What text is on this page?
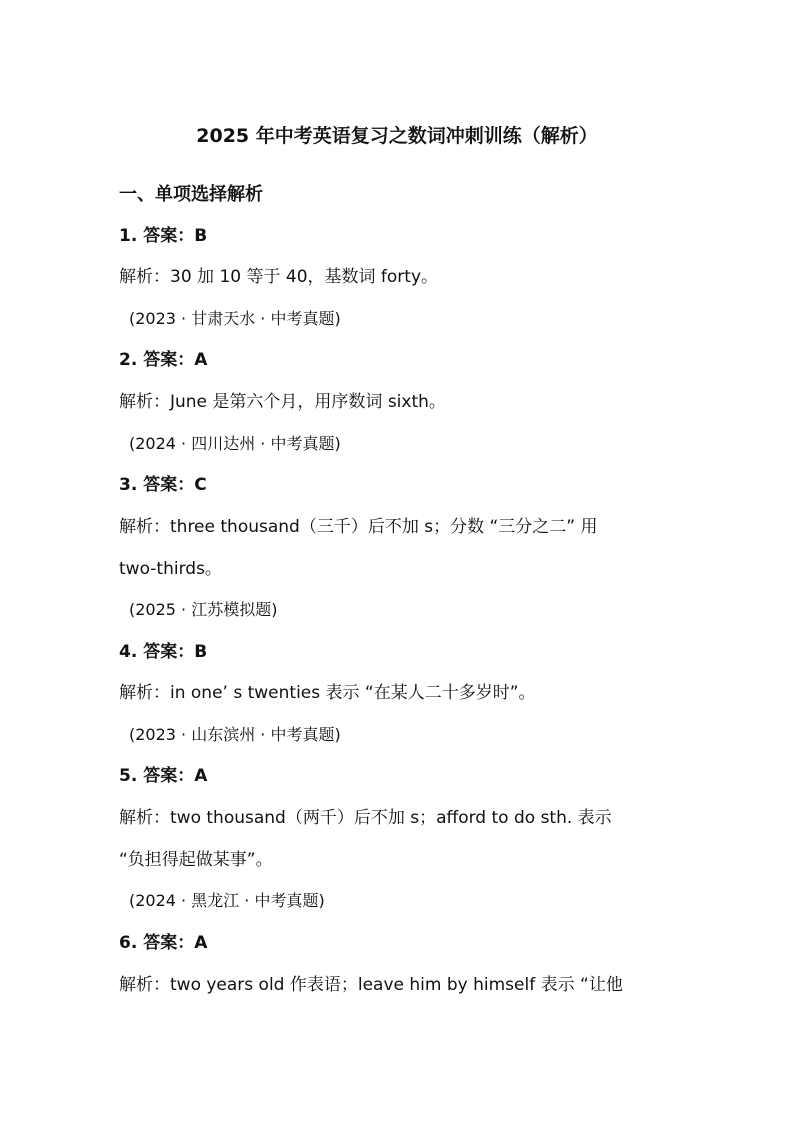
2025 年中考英语复习之数词冲刺训练（解析）
一、单项选择解析
1. 答案：B
解析：30 加 10 等于 40，基数词 forty。
(2023 · 甘肃天水 · 中考真题)
2. 答案：A
解析：June 是第六个月，用序数词 sixth。
(2024 · 四川达州 · 中考真题)
3. 答案：C
解析：three thousand（三千）后不加 s；分数 “三分之二” 用
two-thirds。
(2025 · 江苏模拟题)
4. 答案：B
解析：in one’ s twenties 表示 “在某人二十多岁时”。
(2023 · 山东滨州 · 中考真题)
5. 答案：A
解析：two thousand（两千）后不加 s；afford to do sth. 表示
“负担得起做某事”。
(2024 · 黑龙江 · 中考真题)
6. 答案：A
解析：two years old 作表语；leave him by himself 表示 “让他
